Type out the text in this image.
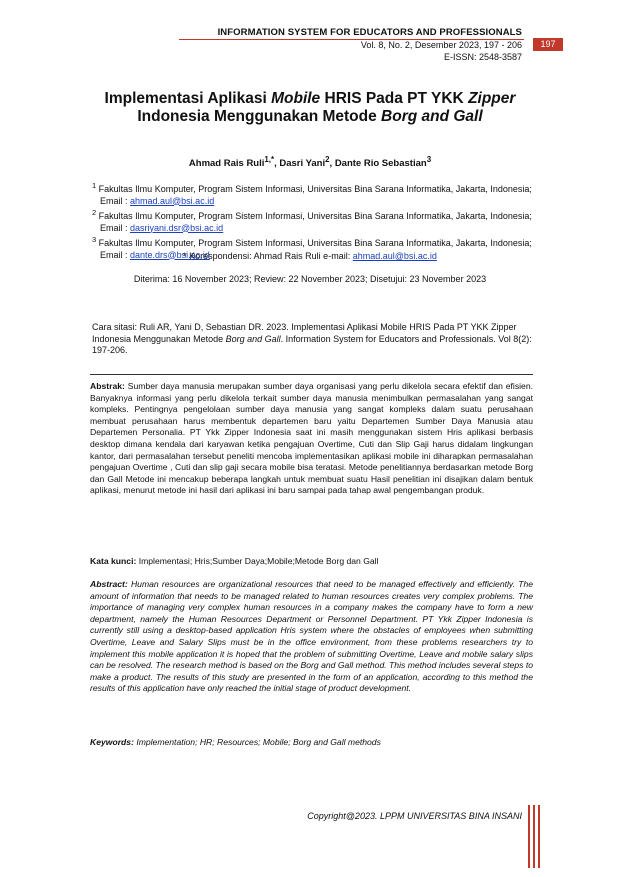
INFORMATION SYSTEM FOR EDUCATORS AND PROFESSIONALS
Vol. 8, No. 2, Desember 2023, 197 - 206
E-ISSN: 2548-3587
197
Implementasi Aplikasi Mobile HRIS Pada PT YKK Zipper
Indonesia Menggunakan Metode Borg and Gall
Ahmad Rais Ruli$^{1,*}$, Dasri Yani$^2$, Dante Rio Sebastian$^3$

$^1$ Fakultas Ilmu Komputer, Program Sistem Informasi, Universitas Bina Sarana Informatika, Jakarta, Indonesia; Email : ahmad.aul@bsi.ac.id

$^2$ Fakultas Ilmu Komputer, Program Sistem Informasi, Universitas Bina Sarana Informatika, Jakarta, Indonesia; Email : dasriyani.dsr@bsi.ac.id

$^3$ Fakultas Ilmu Komputer, Program Sistem Informasi, Universitas Bina Sarana Informatika, Jakarta, Indonesia; Email : dante.drs@bsi.ac.id

* Korespondensi: Ahmad Rais Ruli e-mail: ahmad.aul@bsi.ac.id
Diterima: 16 November 2023; Review: 22 November 2023; Disetujui: 23 November 2023
Cara sitasi: Ruli AR, Yani D, Sebastian DR. 2023. Implementasi Aplikasi Mobile HRIS Pada PT YKK Zipper Indonesia Menggunakan Metode Borg and Gall. Information System for Educators and Professionals. Vol 8(2): 197-206.
Abstrak: Sumber daya manusia merupakan sumber daya organisasi yang perlu dikelola secara efektif dan efisien. Banyaknya informasi yang perlu dikelola terkait sumber daya manusia menimbulkan permasalahan yang sangat kompleks. Pentingnya pengelolaan sumber daya manusia yang sangat kompleks dalam suatu perusahaan membuat perusahaan harus membentuk departemen baru yaitu Departemen Sumber Daya Manusia atau Departemen Personalia. PT Ykk Zipper Indonesia saat ini masih menggunakan sistem Hris aplikasi berbasis desktop dimana kendala dari karyawan ketika pengajuan Overtime, Cuti dan Slip Gaji harus didalam lingkungan kantor, dari permasalahan tersebut peneliti mencoba implementasikan aplikasi mobile ini diharapkan permasalahan pengajuan Overtime , Cuti dan slip gaji secara mobile bisa teratasi. Metode penelitiannya berdasarkan metode Borg dan Gall Metode ini mencakup beberapa langkah untuk membuat suatu Hasil penelitian ini disajikan dalam bentuk aplikasi, menurut metode ini hasil dari aplikasi ini baru sampai pada tahap awal pengembangan produk.
Kata kunci: Implementasi; Hris;Sumber Daya;Mobile;Metode Borg dan Gall
Abstract: Human resources are organizational resources that need to be managed effectively and efficiently. The amount of information that needs to be managed related to human resources creates very complex problems. The importance of managing very complex human resources in a company makes the company have to form a new department, namely the Human Resources Department or Personnel Department. PT Ykk Zipper Indonesia is currently still using a desktop-based application Hris system where the obstacles of employees when submitting Overtime, Leave and Salary Slips must be in the office environment, from these problems researchers try to implement this mobile application it is hoped that the problem of submitting Overtime, Leave and mobile salary slips can be resolved. The research method is based on the Borg and Gall method. This method includes several steps to make a product. The results of this study are presented in the form of an application, according to this method the results of this application have only reached the initial stage of product development.
Keywords: Implementation; HR; Resources; Mobile; Borg and Gall methods
Copyright@2023. LPPM UNIVERSITAS BINA INSANI
